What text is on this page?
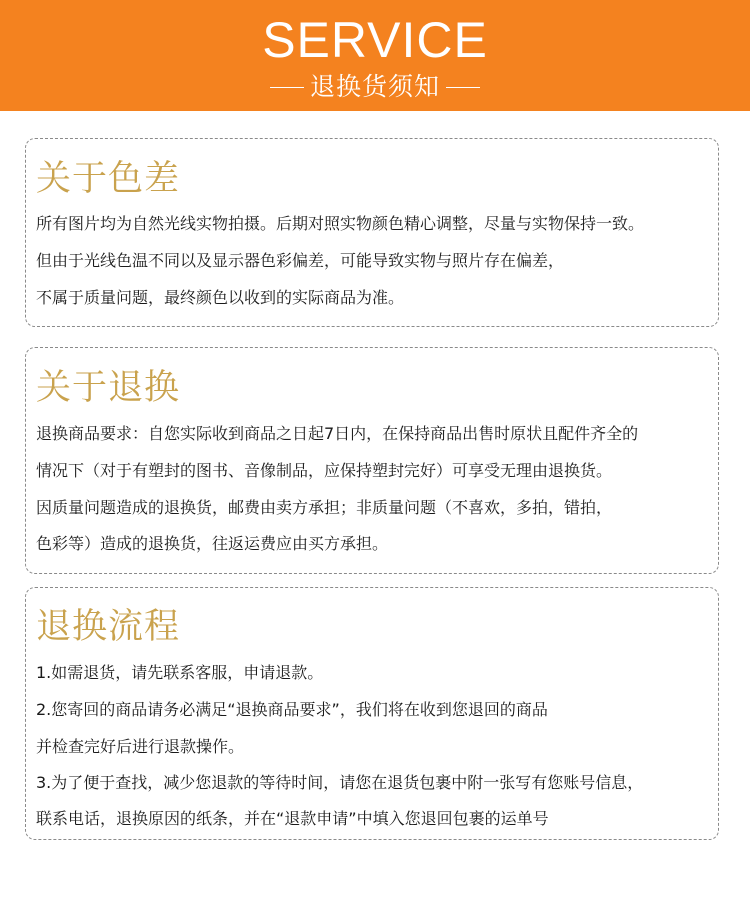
SERVICE
退换货须知
关于色差
所有图片均为自然光线实物拍摄。后期对照实物颜色精心调整，尽量与实物保持一致。
但由于光线色温不同以及显示器色彩偏差，可能导致实物与照片存在偏差，
不属于质量问题，最终颜色以收到的实际商品为准。
关于退换
退换商品要求：自您实际收到商品之日起7日内，在保持商品出售时原状且配件齐全的
情况下（对于有塑封的图书、音像制品，应保持塑封完好）可享受无理由退换货。
因质量问题造成的退换货，邮费由卖方承担；非质量问题（不喜欢，多拍，错拍，
色彩等）造成的退换货，往返运费应由买方承担。
退换流程
1.如需退货，请先联系客服，申请退款。
2.您寄回的商品请务必满足“退换商品要求”，我们将在收到您退回的商品
并检查完好后进行退款操作。
3.为了便于查找，减少您退款的等待时间，请您在退货包裹中附一张写有您账号信息，
联系电话，退换原因的纸条，并在“退款申请”中填入您退回包裹的运单号
